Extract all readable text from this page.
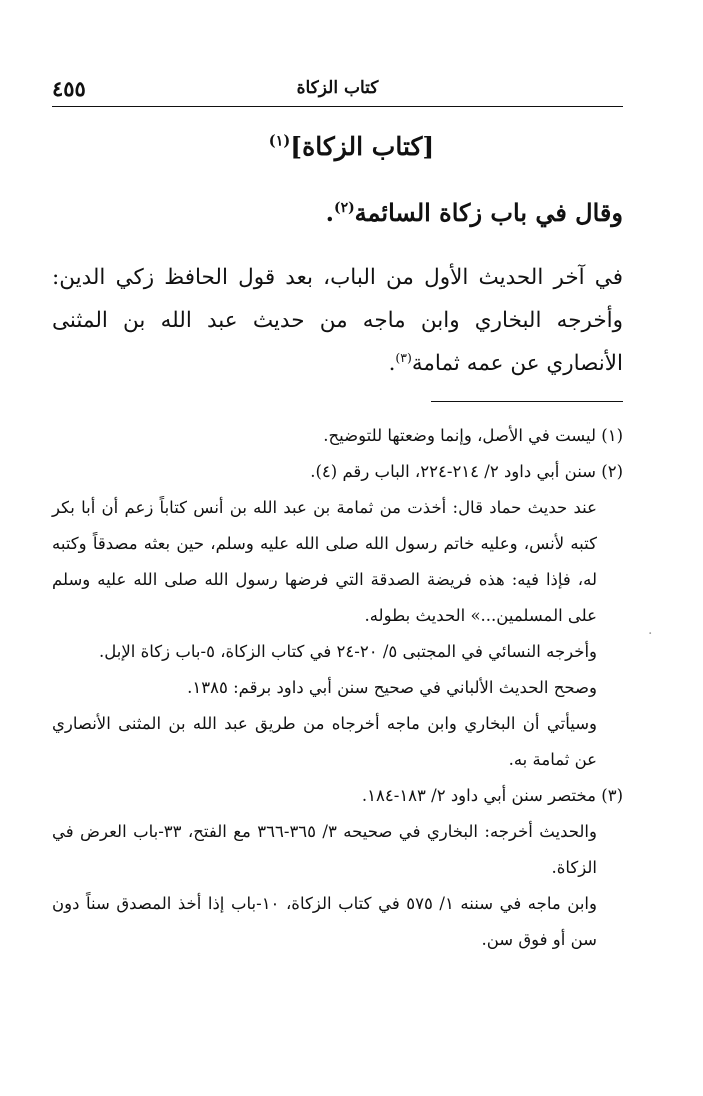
كتاب الزكاة
٤٥٥
[كتاب الزكاة]$^{(١)}$
وقال في باب زكاة السائمة$^{(٢)}$.
في آخر الحديث الأول من الباب، بعد قول الحافظ زكي الدين: وأخرجه البخاري وابن ماجه من حديث عبد الله بن المثنى الأنصاري عن عمه ثمامة$^{(٣)}$.
(١) ليست في الأصل، وإنما وضعتها للتوضيح.
(٢) سنن أبي داود ٢/ ٢١٤-٢٢٤، الباب رقم (٤).
عند حديث حماد قال: أخذت من ثمامة بن عبد الله بن أنس كتاباً زعم أن أبا بكر كتبه لأنس، وعليه خاتم رسول الله صلى الله عليه وسلم، حين بعثه مصدقاً وكتبه له، فإذا فيه: هذه فريضة الصدقة التي فرضها رسول الله صلى الله عليه وسلم على المسلمين...» الحديث بطوله.
وأخرجه النسائي في المجتبى ٥/ ٢٠-٢٤ في كتاب الزكاة، ٥-باب زكاة الإبل.
وصحح الحديث الألباني في صحيح سنن أبي داود برقم: ١٣٨٥.
وسيأتي أن البخاري وابن ماجه أخرجاه من طريق عبد الله بن المثنى الأنصاري عن ثمامة به.
(٣) مختصر سنن أبي داود ٢/ ١٨٣-١٨٤.
والحديث أخرجه: البخاري في صحيحه ٣/ ٣٦٥-٣٦٦ مع الفتح، ٣٣-باب العرض في الزكاة.
وابن ماجه في سننه ١/ ٥٧٥ في كتاب الزكاة، ١٠-باب إذا أخذ المصدق سناً دون سن أو فوق سن.
·
